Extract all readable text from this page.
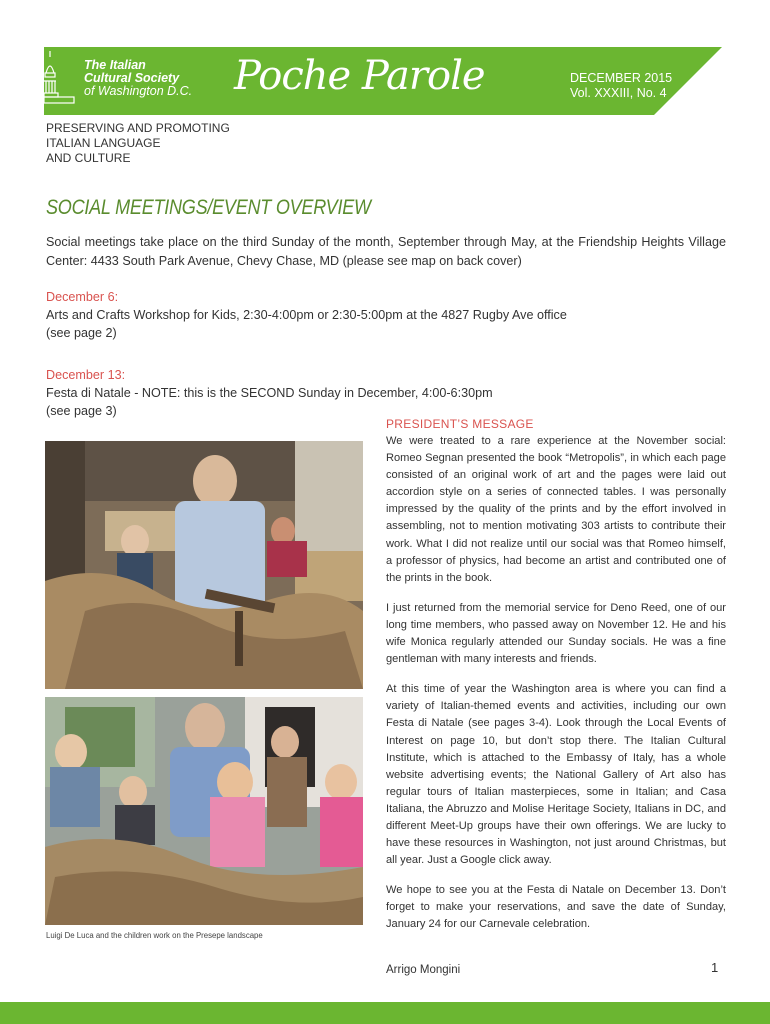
The Italian
Cultural Society
of Washington D.C. Poche Parole	DECEMBER 2015
Vol. XXXIII, No. 4
PRESERVING AND PROMOTING
ITALIAN LANGUAGE
AND CULTURE
SOCIAL MEETINGS/EVENT OVERVIEW

Social meetings take place on the third Sunday of the month, September through May, at the Friendship Heights Village Center: 4433 South Park Avenue, Chevy Chase, MD (please see map on back cover)

December 6:
Arts and Crafts Workshop for Kids, 2:30-4:00pm or 2:30-5:00pm at the 4827 Rugby Ave office
(see page 2)
December 13:
Festa di Natale - NOTE: this is the SECOND Sunday in December, 4:00-6:30pm
(see page 3)
Luigi De Luca and the children work on the Presepe landscape
PRESIDENT’S MESSAGE

We were treated to a rare experience at the November social: Romeo Segnan presented the book “Metropolis”, in which each page consisted of an original work of art and the pages were laid out accordion style on a series of connected tables. I was personally impressed by the quality of the prints and by the effort involved in assembling, not to mention motivating 303 artists to contribute their work. What I did not realize until our social was that Romeo himself, a professor of physics, had become an artist and contributed one of the prints in the book.

I just returned from the memorial service for Deno Reed, one of our long time members, who passed away on November 12. He and his wife Monica regularly attended our Sunday socials. He was a fine gentleman with many interests and friends.

At this time of year the Washington area is where you can find a variety of Italian-themed events and activities, including our own Festa di Natale (see pages 3-4). Look through the Local Events of Interest on page 10, but don’t stop there. The Italian Cultural Institute, which is attached to the Embassy of Italy, has a whole website advertising events; the National Gallery of Art also has regular tours of Italian masterpieces, some in Italian; and Casa Italiana, the Abruzzo and Molise Heritage Society, Italians in DC, and different Meet-Up groups have their own offerings. We are lucky to have these resources in Washington, not just around Christmas, but all year. Just a Google click away.

We hope to see you at the Festa di Natale on December 13. Don’t forget to make your reservations, and save the date of Sunday, January 24 for our Carnevale celebration.

Arrigo Mongini	1
